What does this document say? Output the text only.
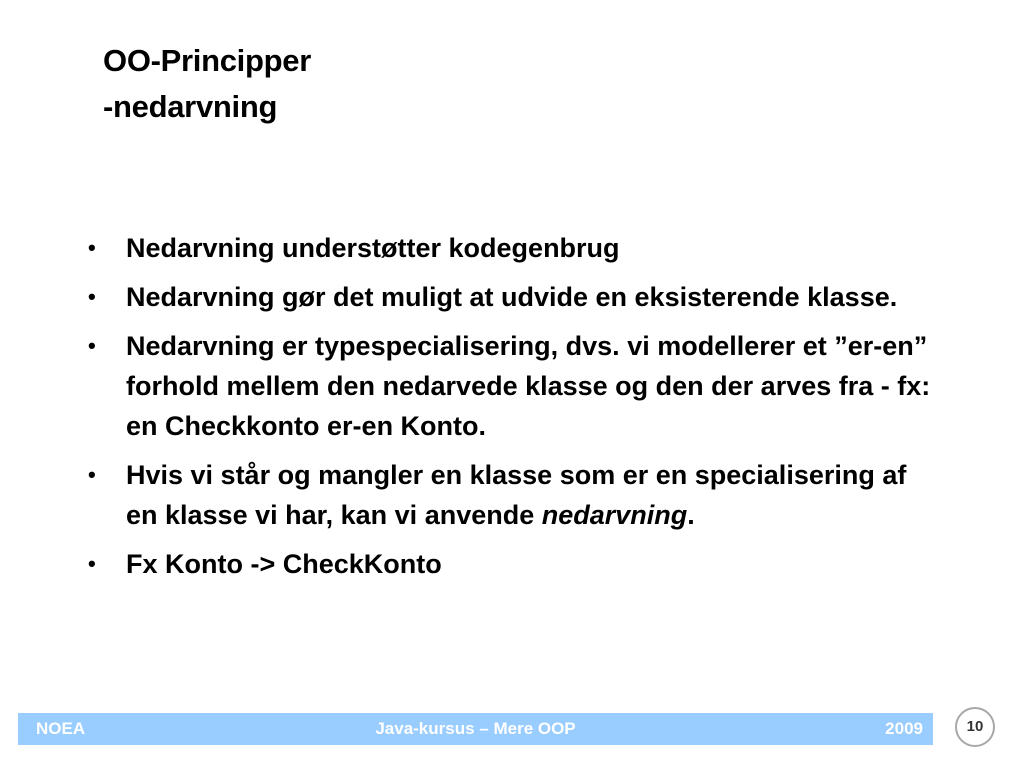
OO-Principper
-nedarvning
• Nedarvning understøtter kodegenbrug
• Nedarvning gør det muligt at udvide en eksisterende klasse.
• Nedarvning er typespecialisering, dvs. vi modellerer et ”er-en” forhold mellem den nedarvede klasse og den der arves fra - fx: en Checkkonto er-en Konto.
• Hvis vi står og mangler en klasse som er en specialisering af en klasse vi har, kan vi anvende nedarvning.
• Fx Konto -> CheckKonto
NOEA	Java-kursus – Mere OOP	2009	10
